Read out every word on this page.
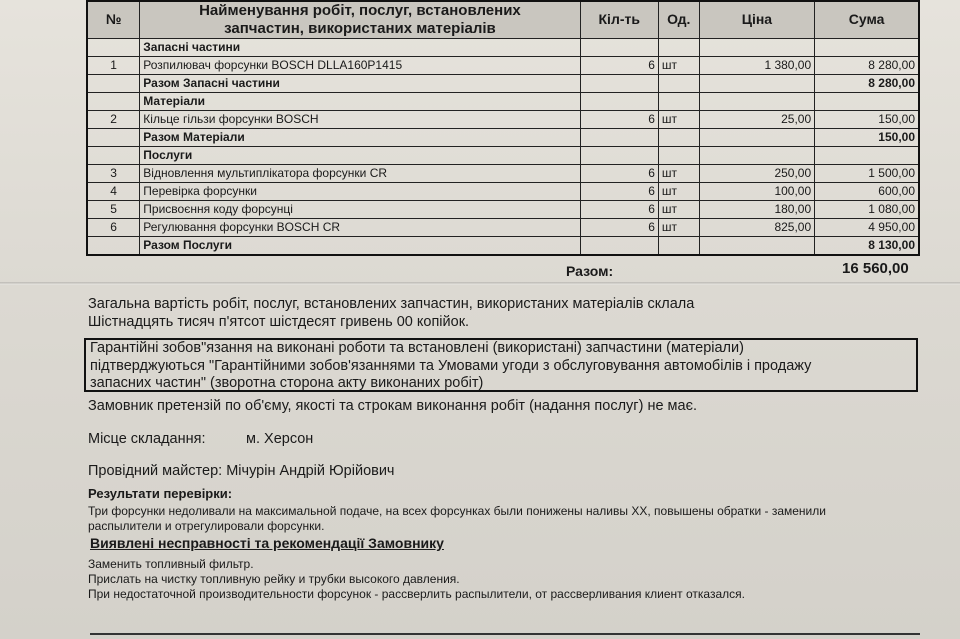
№	Найменування робіт, послуг, встановлених
запчастин, використаних матеріалів	Кіл-ть	Од.	Ціна	Сума
	Запасні частини				
1	Розпилювач форсунки BOSCH DLLA160P1415	6	шт	1 380,00	8 280,00
	Разом Запасні частини				8 280,00
	Матеріали				
2	Кільце гільзи форсунки BOSCH	6	шт	25,00	150,00
	Разом Матеріали				150,00
	Послуги				
3	Відновлення мультиплікатора форсунки CR	6	шт	250,00	1 500,00
4	Перевірка форсунки	6	шт	100,00	600,00
5	Присвоєння коду форсунці	6	шт	180,00	1 080,00
6	Регулювання форсунки BOSCH CR	6	шт	825,00	4 950,00
	Разом Послуги				8 130,00
Разом:	16 560,00
Загальна вартість робіт, послуг, встановлених запчастин, використаних матеріалів склала
Шістнадцять тисяч п'ятсот шістдесят гривень 00 копійок.
Гарантійні зобов"язання на виконані роботи та встановлені (використані) запчастини (матеріали)
підтверджуються "Гарантійними зобов'язаннями та Умовами угоди з обслуговування автомобілів і продажу
запасних частин" (зворотна сторона акту виконаних робіт)
Замовник претензій по об'єму, якості та строкам виконання робіт (надання послуг) не має.
Місце складання:	м. Херсон
Провідний майстер: Мічурін Андрій Юрійович
Результати перевірки:
Три форсунки недоливали на максимальной подаче, на всех форсунках были понижены наливы ХХ, повышены обратки - заменили
распылители и отрегулировали форсунки.
Виявлені несправності та рекомендації Замовнику
Заменить топливный фильтр.
Прислать на чистку топливную рейку и трубки высокого давления.
При недостаточной производительности форсунок - рассверлить распылители, от рассверливания клиент отказался.
